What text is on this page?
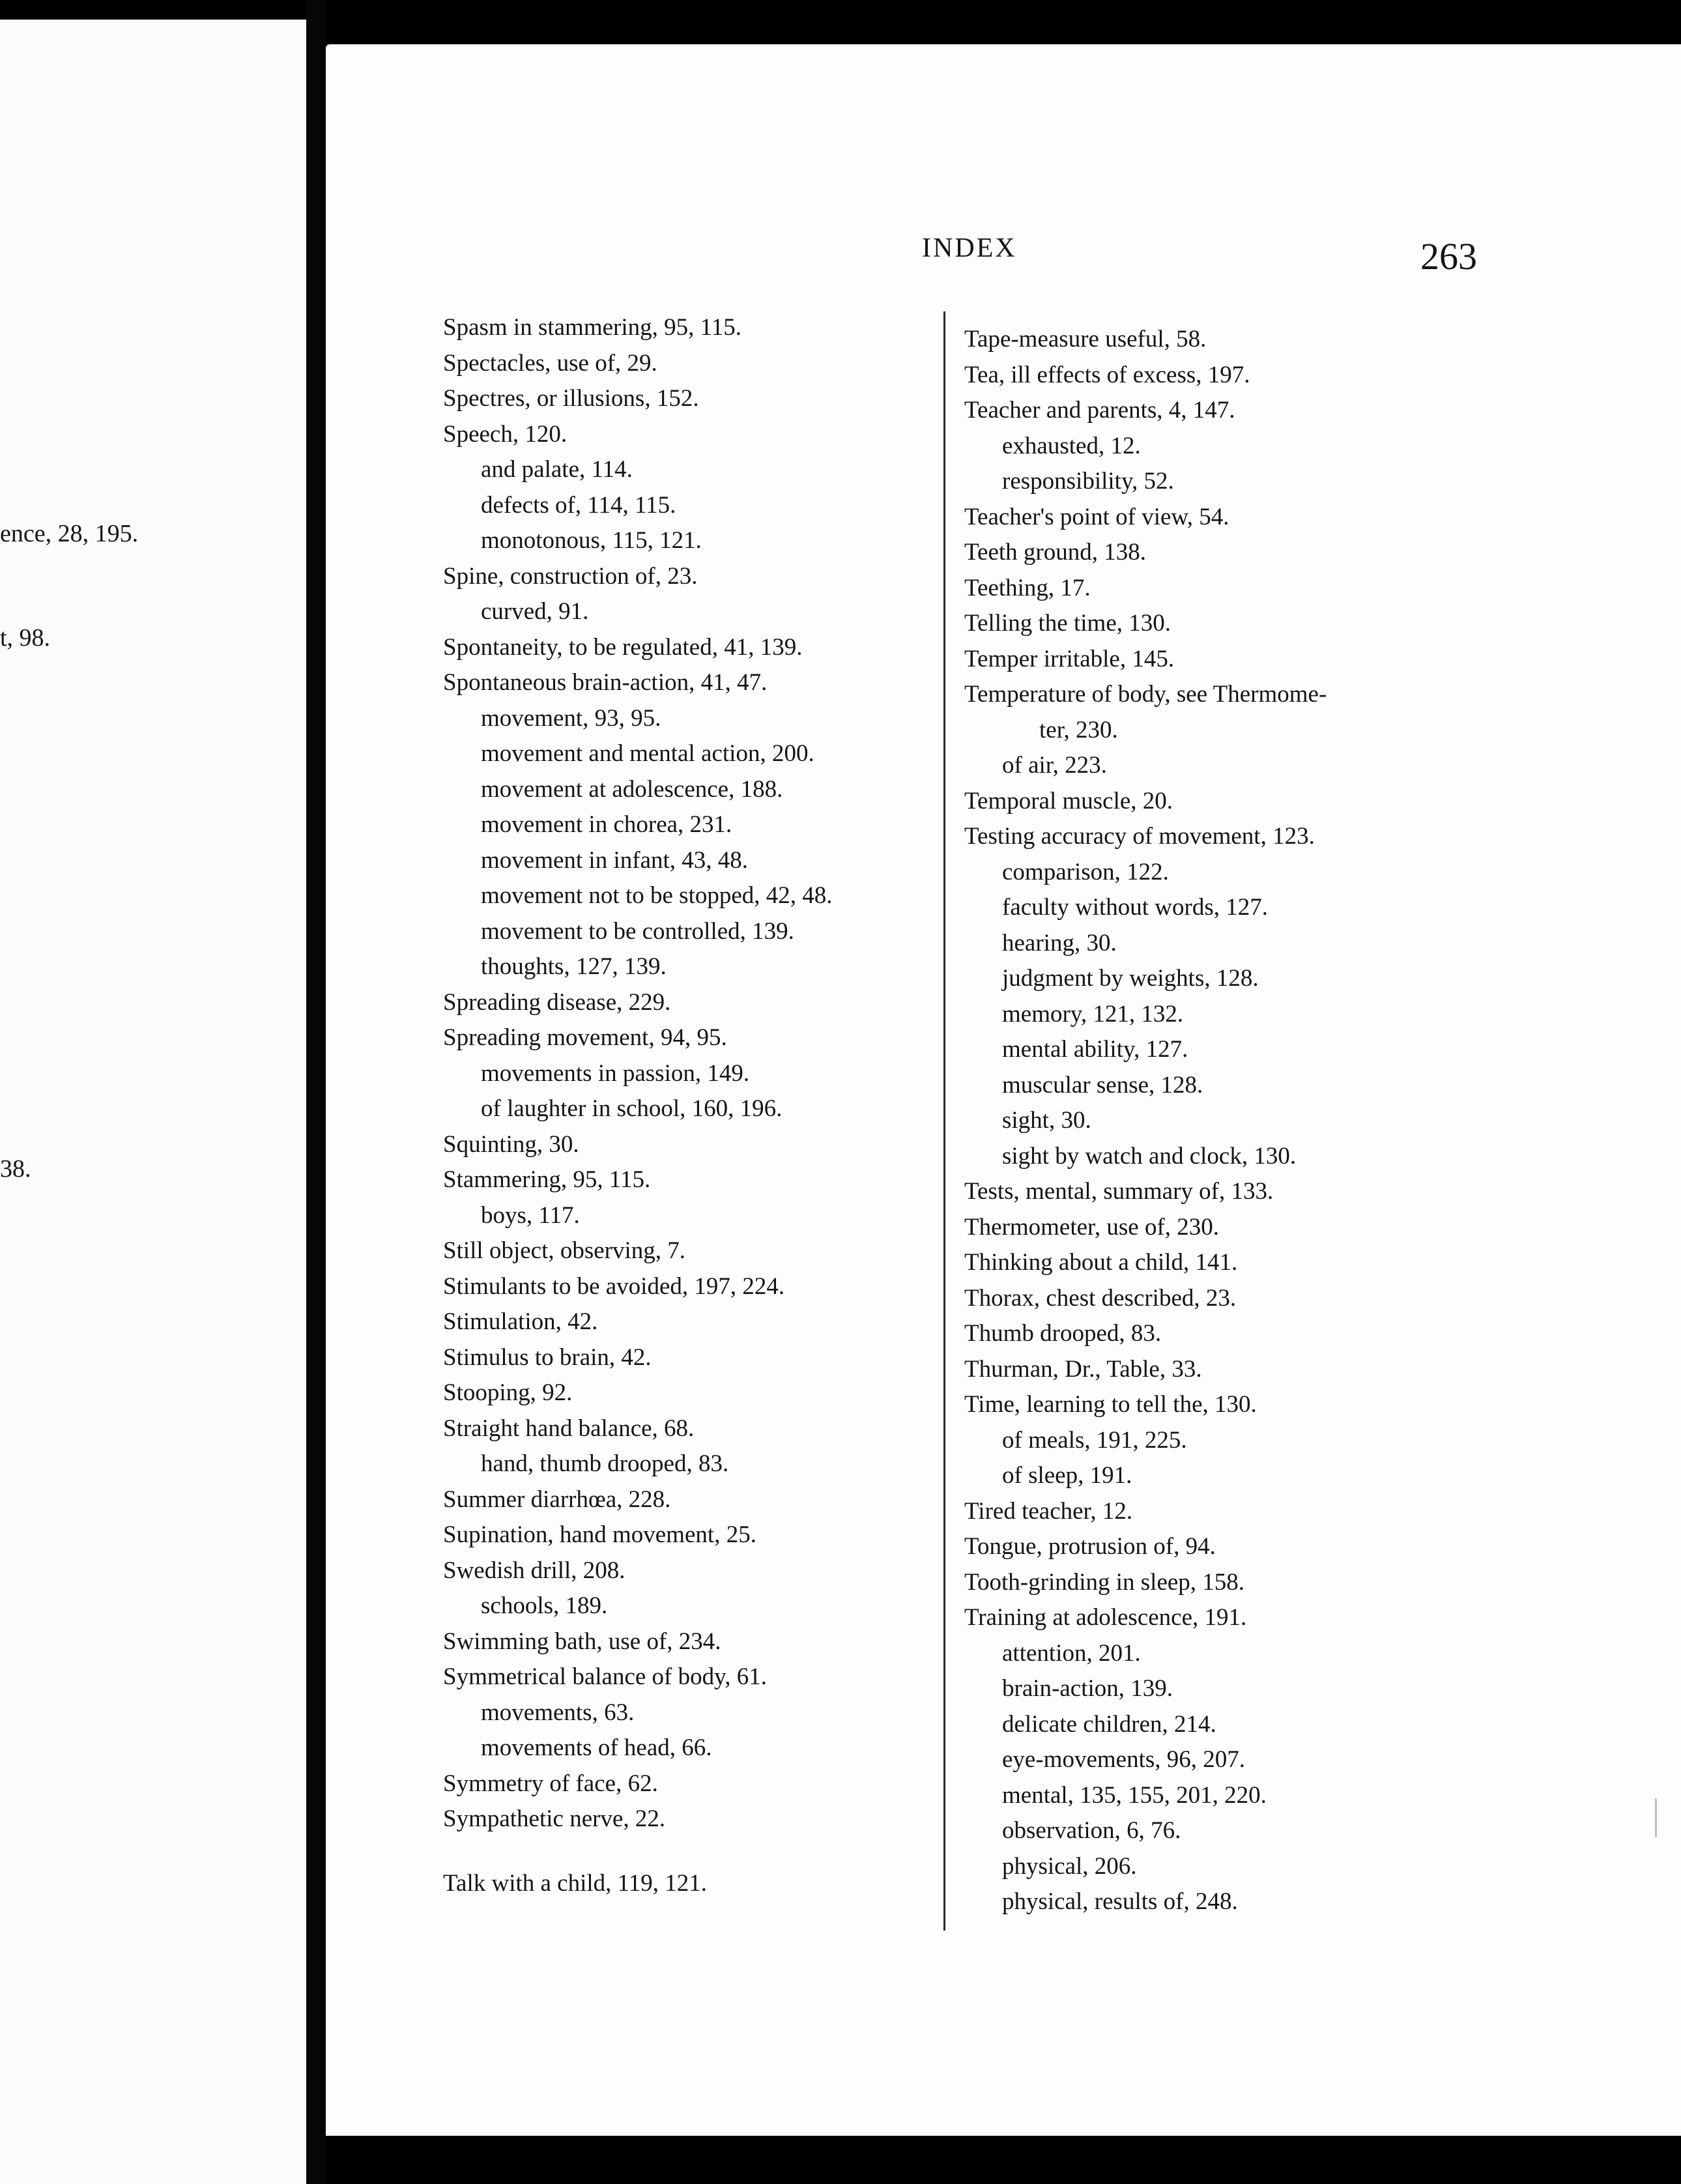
ence, 28, 195.
t, 98.
38.
INDEX	263
Spasm in stammering, 95, 115.
Spectacles, use of, 29.
Spectres, or illusions, 152.
Speech, 120.
and palate, 114.
defects of, 114, 115.
monotonous, 115, 121.
Spine, construction of, 23.
curved, 91.
Spontaneity, to be regulated, 41, 139.
Spontaneous brain-action, 41, 47.
movement, 93, 95.
movement and mental action, 200.
movement at adolescence, 188.
movement in chorea, 231.
movement in infant, 43, 48.
movement not to be stopped, 42, 48.
movement to be controlled, 139.
thoughts, 127, 139.
Spreading disease, 229.
Spreading movement, 94, 95.
movements in passion, 149.
of laughter in school, 160, 196.
Squinting, 30.
Stammering, 95, 115.
boys, 117.
Still object, observing, 7.
Stimulants to be avoided, 197, 224.
Stimulation, 42.
Stimulus to brain, 42.
Stooping, 92.
Straight hand balance, 68.
hand, thumb drooped, 83.
Summer diarrhœa, 228.
Supination, hand movement, 25.
Swedish drill, 208.
schools, 189.
Swimming bath, use of, 234.
Symmetrical balance of body, 61.
movements, 63.
movements of head, 66.
Symmetry of face, 62.
Sympathetic nerve, 22.
Talk with a child, 119, 121.
Tape-measure useful, 58.
Tea, ill effects of excess, 197.
Teacher and parents, 4, 147.
exhausted, 12.
responsibility, 52.
Teacher's point of view, 54.
Teeth ground, 138.
Teething, 17.
Telling the time, 130.
Temper irritable, 145.
Temperature of body, see Thermome-
ter, 230.
of air, 223.
Temporal muscle, 20.
Testing accuracy of movement, 123.
comparison, 122.
faculty without words, 127.
hearing, 30.
judgment by weights, 128.
memory, 121, 132.
mental ability, 127.
muscular sense, 128.
sight, 30.
sight by watch and clock, 130.
Tests, mental, summary of, 133.
Thermometer, use of, 230.
Thinking about a child, 141.
Thorax, chest described, 23.
Thumb drooped, 83.
Thurman, Dr., Table, 33.
Time, learning to tell the, 130.
of meals, 191, 225.
of sleep, 191.
Tired teacher, 12.
Tongue, protrusion of, 94.
Tooth-grinding in sleep, 158.
Training at adolescence, 191.
attention, 201.
brain-action, 139.
delicate children, 214.
eye-movements, 96, 207.
mental, 135, 155, 201, 220.
observation, 6, 76.
physical, 206.
physical, results of, 248.
